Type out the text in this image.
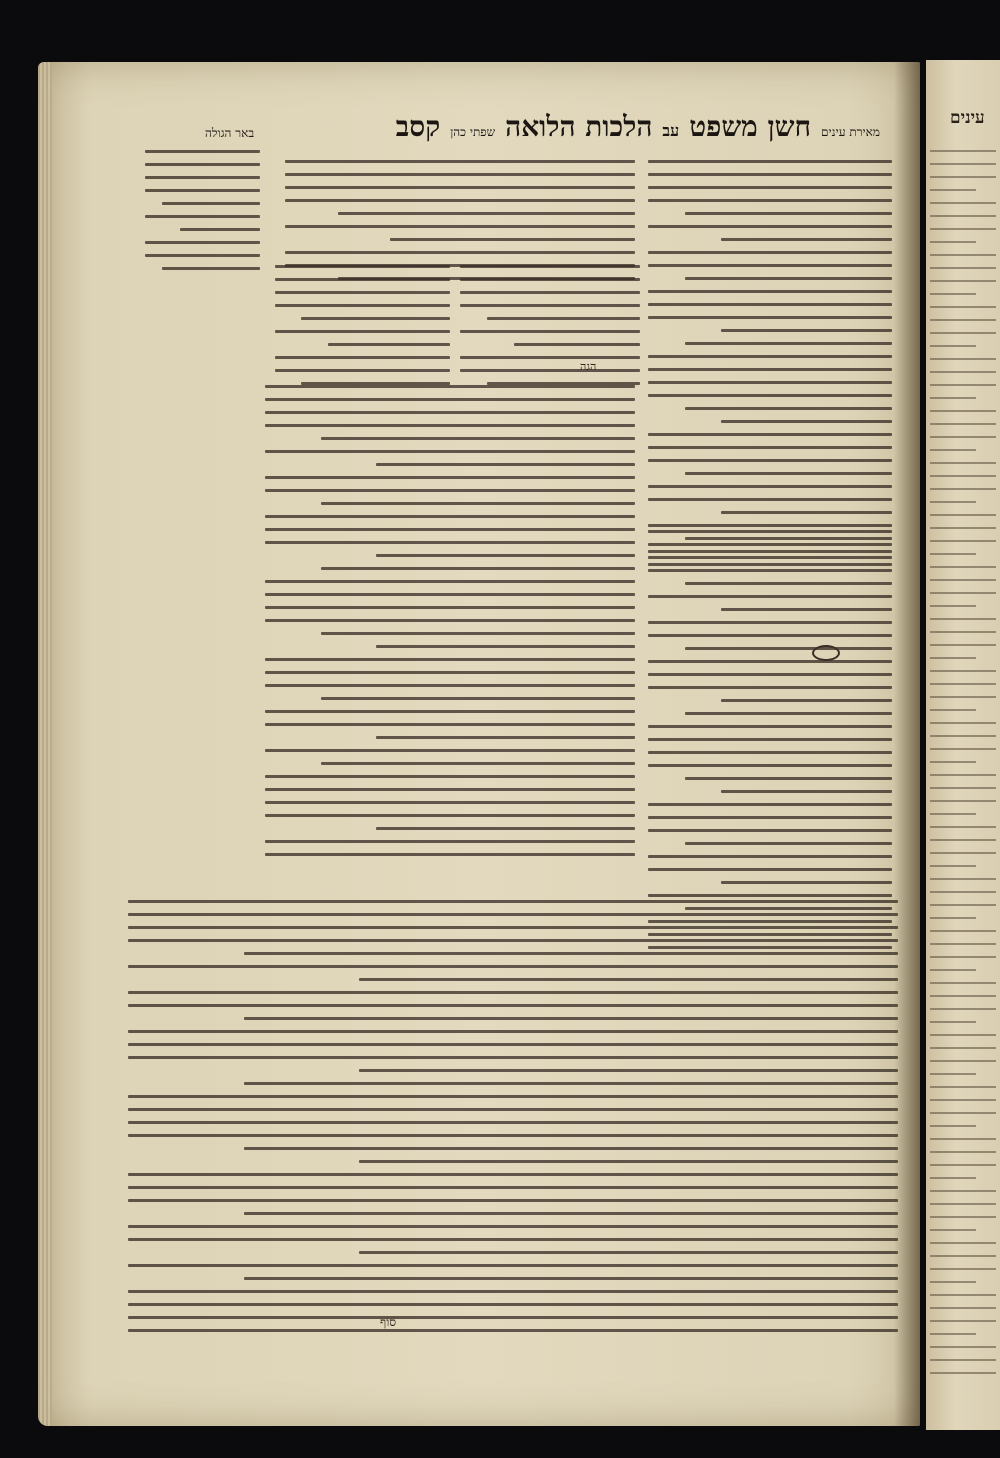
עינים
מאירת עינים
חשן משפט
עב
הלכות הלואה
שפתי כהן
קסב
באר הגולה
הגה
סוף
